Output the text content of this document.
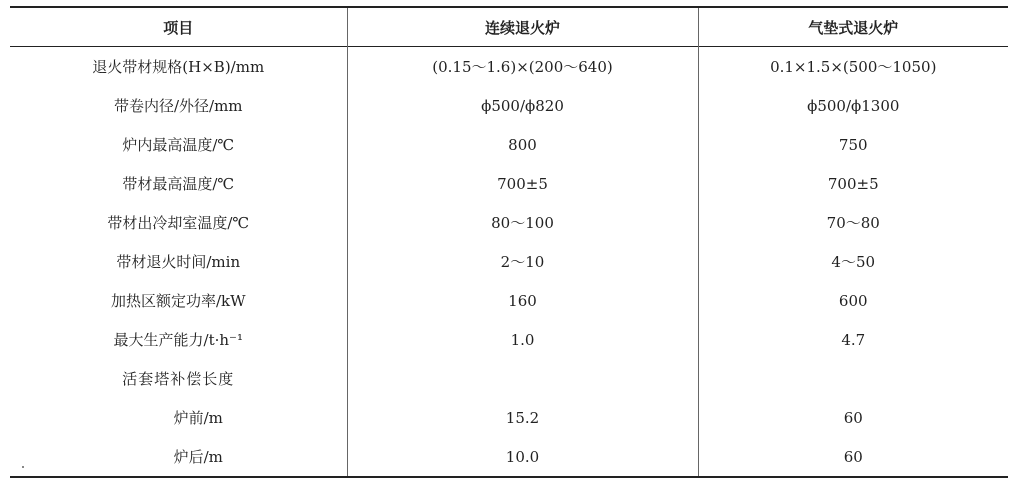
项目	连续退火炉	气垫式退火炉
退火带材规格(H×B)/mm	(0.15～1.6)×(200～640)	0.1×1.5×(500～1050)
带卷内径/外径/mm	ϕ500/ϕ820	ϕ500/ϕ1300
炉内最高温度/℃	800	750
带材最高温度/℃	700±5	700±5
带材出冷却室温度/℃	80～100	70～80
带材退火时间/min	2～10	4～50
加热区额定功率/kW	160	600
最大生产能力/t·h⁻¹	1.0	4.7
活套塔补偿长度		
炉前/m	15.2	60
炉后/m	10.0	60
